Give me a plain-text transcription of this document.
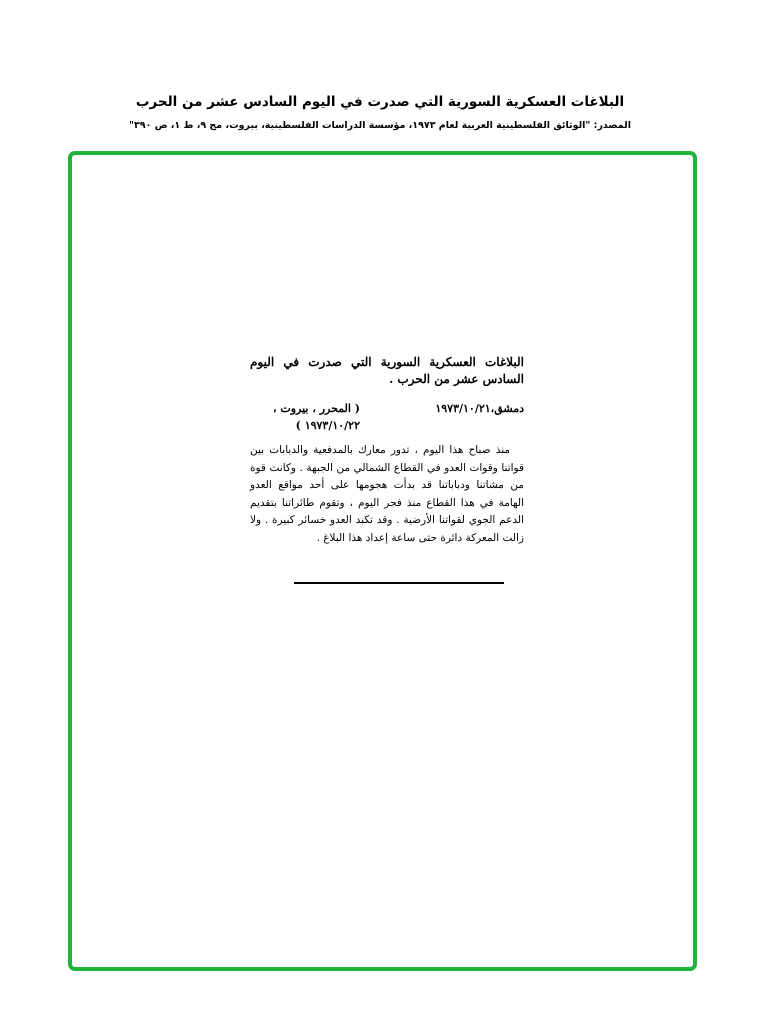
البلاغات العسكرية السورية التي صدرت في اليوم السادس عشر من الحرب
المصدر: "الوثائق الفلسطينية العربية لعام ١٩٧٣، مؤسسة الدراسات الفلسطينية، بيروت، مج ٩، ط ١، ص ٣٩٠"

البلاغات العسكرية السورية التي صدرت في اليوم السادس عشر من الحرب .

دمشق،١٩٧٣/١٠/٢١
( المحرر ، بيروت ، ١٩٧٣/١٠/٢٢ )
منذ صباح هذا اليوم ، تدور معارك بالمدفعية والدبابات بين قواتنا وقوات العدو في القطاع الشمالي من الجبهة . وكانت قوة من مشاتنا ودباباتنا قد بدأت هجومها على أحد مواقع العدو الهامة في هذا القطاع منذ فجر اليوم ، وتقوم طائراتنا بتقديم الدعم الجوي لقواتنا الأرضية . وقد تكبد العدو خسائر كبيرة . ولا زالت المعركة دائرة حتى ساعة إعداد هذا البلاغ .
